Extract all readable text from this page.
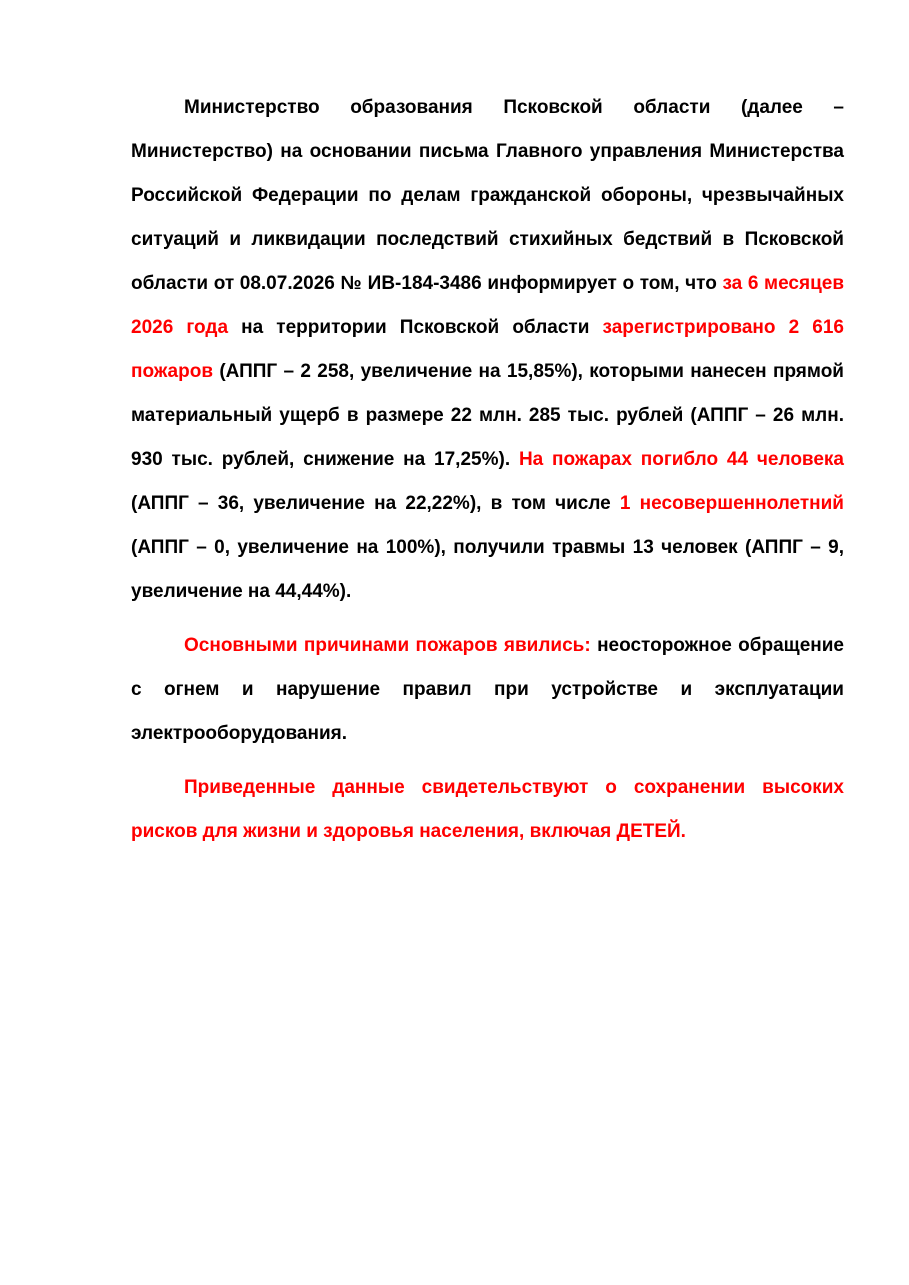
Министерство образования Псковской области (далее – Министерство) на основании письма Главного управления Министерства Российской Федерации по делам гражданской обороны, чрезвычайных ситуаций и ликвидации последствий стихийных бедствий в Псковской области от 08.07.2026 № ИВ-184-3486 информирует о том, что за 6 месяцев 2026 года на территории Псковской области зарегистрировано 2 616 пожаров (АППГ – 2 258, увеличение на 15,85%), которыми нанесен прямой материальный ущерб в размере 22 млн. 285 тыс. рублей (АППГ – 26 млн. 930 тыс. рублей, снижение на 17,25%). На пожарах погибло 44 человека (АППГ – 36, увеличение на 22,22%), в том числе 1 несовершеннолетний (АППГ – 0, увеличение на 100%), получили травмы 13 человек (АППГ – 9, увеличение на 44,44%).

Основными причинами пожаров явились: неосторожное обращение с огнем и нарушение правил при устройстве и эксплуатации электрооборудования.

Приведенные данные свидетельствуют о сохранении высоких рисков для жизни и здоровья населения, включая ДЕТЕЙ.
